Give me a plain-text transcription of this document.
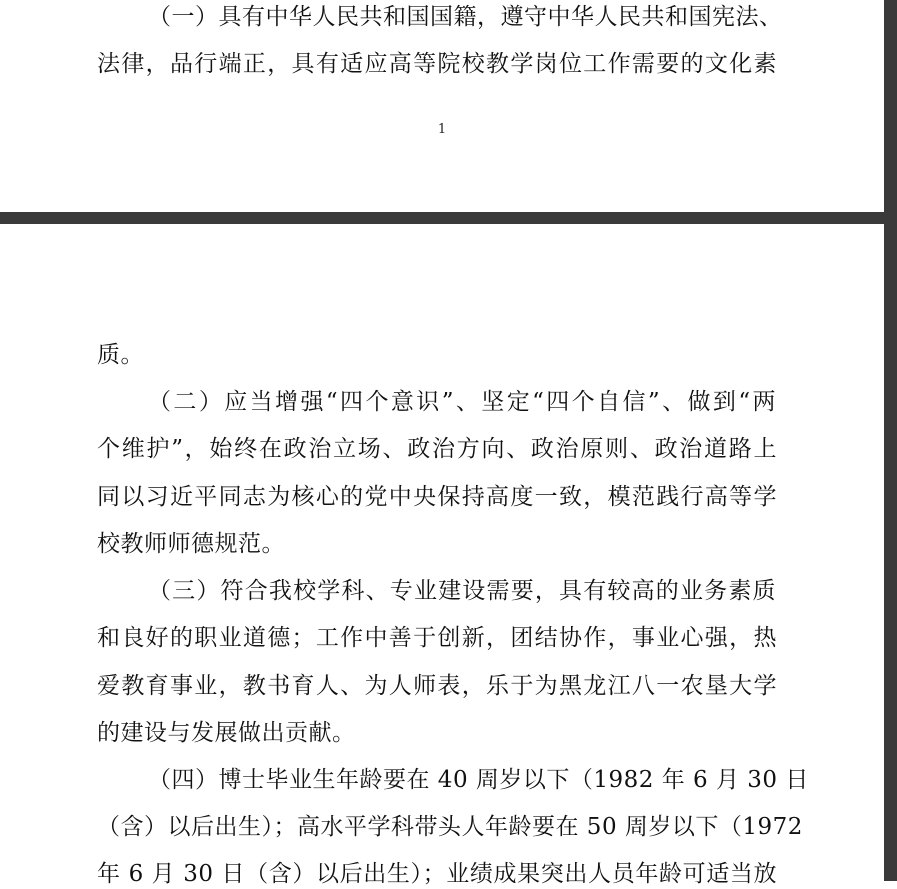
（一）具有中华人民共和国国籍，遵守中华人民共和国宪法、
法律，品行端正，具有适应高等院校教学岗位工作需要的文化素
1
质。
（二）应当增强“四个意识”、坚定“四个自信”、做到“两
个维护”，始终在政治立场、政治方向、政治原则、政治道路上
同以习近平同志为核心的党中央保持高度一致，模范践行高等学
校教师师德规范。
（三）符合我校学科、专业建设需要，具有较高的业务素质
和良好的职业道德；工作中善于创新，团结协作，事业心强，热
爱教育事业，教书育人、为人师表，乐于为黑龙江八一农垦大学
的建设与发展做出贡献。
（四）博士毕业生年龄要在 40 周岁以下（1982 年 6 月 30 日
（含）以后出生）；高水平学科带头人年龄要在 50 周岁以下（1972
年 6 月 30 日（含）以后出生）；业绩成果突出人员年龄可适当放
